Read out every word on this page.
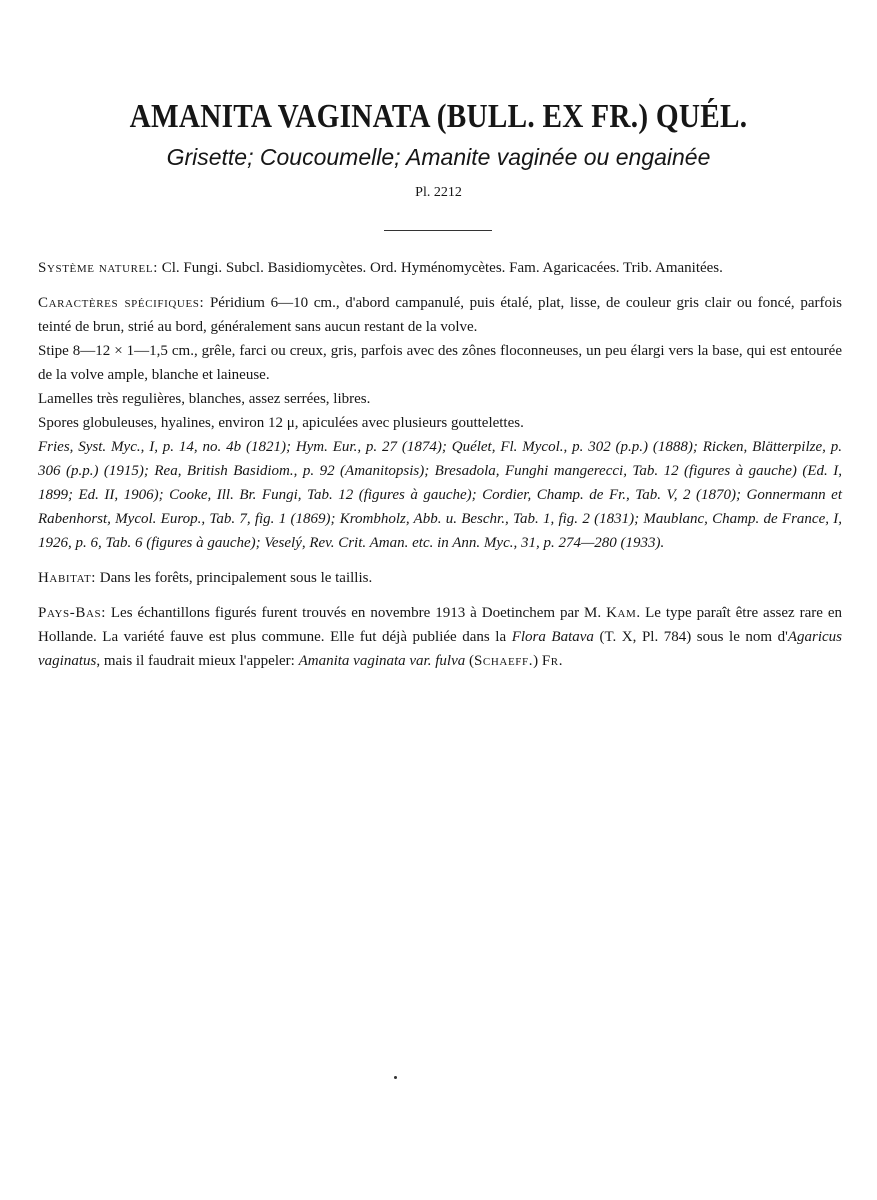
AMANITA VAGINATA (BULL. EX FR.) QUÉL.
Grisette; Coucoumelle; Amanite vaginée ou engainée
Pl. 2212

Système naturel: Cl. Fungi. Subcl. Basidiomycètes. Ord. Hyménomycètes. Fam. Agaricacées. Trib. Amanitées.

Caractères spécifiques: Péridium 6—10 cm., d'abord campanulé, puis étalé, plat, lisse, de couleur gris clair ou foncé, parfois teinté de brun, strié au bord, généralement sans aucun restant de la volve.

Stipe 8—12 × 1—1,5 cm., grêle, farci ou creux, gris, parfois avec des zônes floconneuses, un peu élargi vers la base, qui est entourée de la volve ample, blanche et laineuse.

Lamelles très regulières, blanches, assez serrées, libres.

Spores globuleuses, hyalines, environ 12 μ, apiculées avec plusieurs gouttelettes.

Fries, Syst. Myc., I, p. 14, no. 4b (1821); Hym. Eur., p. 27 (1874); Quélet, Fl. Mycol., p. 302 (p.p.) (1888); Ricken, Blätterpilze, p. 306 (p.p.) (1915); Rea, British Basidiom., p. 92 (Amanitopsis); Bresadola, Funghi mangerecci, Tab. 12 (figures à gauche) (Ed. I, 1899; Ed. II, 1906); Cooke, Ill. Br. Fungi, Tab. 12 (figures à gauche); Cordier, Champ. de Fr., Tab. V, 2 (1870); Gonnermann et Rabenhorst, Mycol. Europ., Tab. 7, fig. 1 (1869); Krombholz, Abb. u. Beschr., Tab. 1, fig. 2 (1831); Maublanc, Champ. de France, I, 1926, p. 6, Tab. 6 (figures à gauche); Veselý, Rev. Crit. Aman. etc. in Ann. Myc., 31, p. 274—280 (1933).

Habitat: Dans les forêts, principalement sous le taillis.

Pays-Bas: Les échantillons figurés furent trouvés en novembre 1913 à Doetinchem par M. Kam. Le type paraît être assez rare en Hollande. La variété fauve est plus commune. Elle fut déjà publiée dans la Flora Batava (T. X, Pl. 784) sous le nom d'Agaricus vaginatus, mais il faudrait mieux l'appeler: Amanita vaginata var. fulva (Schaeff.) Fr.
